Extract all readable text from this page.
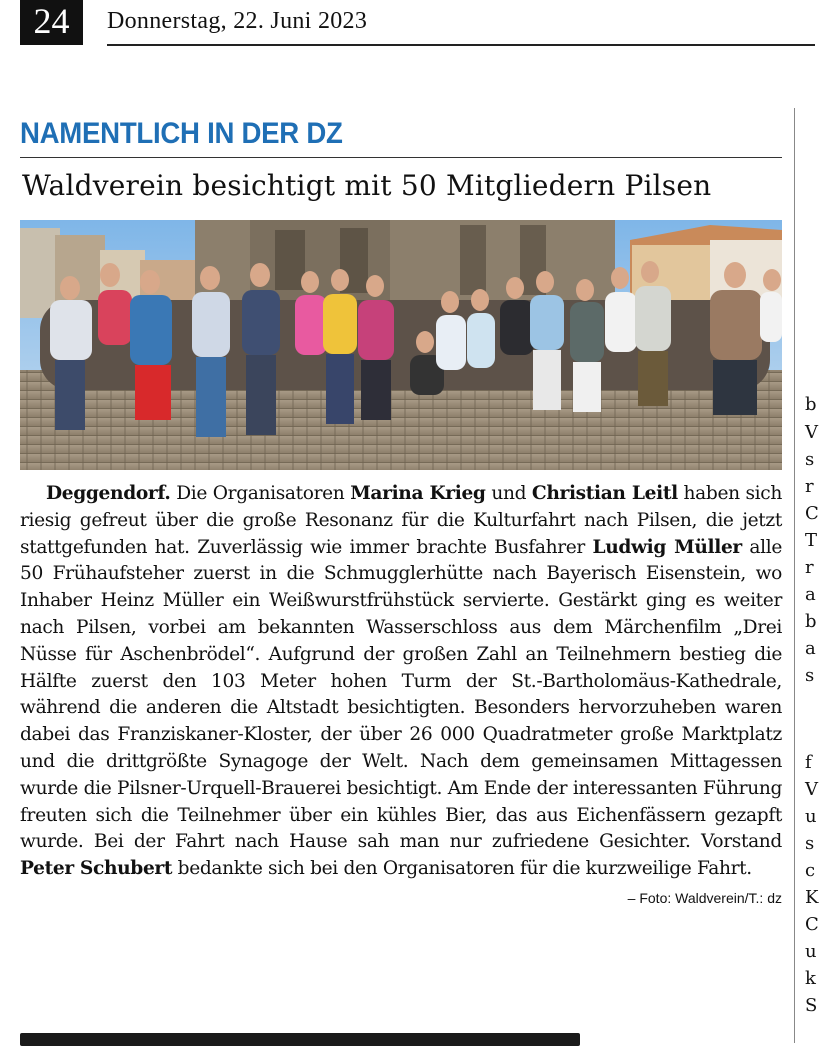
24	Donnerstag, 22. Juni 2023
NAMENTLICH IN DER DZ
Waldverein besichtigt mit 50 Mitgliedern Pilsen

Deggendorf. Die Organisatoren Marina Krieg und Christian Leitl haben sich riesig gefreut über die große Resonanz für die Kulturfahrt nach Pilsen, die jetzt stattgefunden hat. Zuverlässig wie immer brachte Busfahrer Ludwig Müller alle 50 Frühaufsteher zuerst in die Schmugglerhütte nach Bayerisch Eisenstein, wo Inhaber Heinz Müller ein Weißwurstfrühstück servierte. Gestärkt ging es weiter nach Pilsen, vorbei am bekannten Wasserschloss aus dem Märchenfilm „Drei Nüsse für Aschenbrödel“. Aufgrund der großen Zahl an Teilnehmern bestieg die Hälfte zuerst den 103 Meter hohen Turm der St.-Bartholomäus-Kathedrale, während die anderen die Altstadt besichtigten. Besonders hervorzuheben waren dabei das Franziskaner-Kloster, der über 26 000 Quadratmeter große Marktplatz und die drittgrößte Synagoge der Welt. Nach dem gemeinsamen Mittagessen wurde die Pilsner-Urquell-Brauerei besichtigt. Am Ende der interessanten Führung freuten sich die Teilnehmer über ein kühles Bier, das aus Eichenfässern gezapft wurde. Bei der Fahrt nach Hause sah man nur zufriedene Gesichter. Vorstand Peter Schubert bedankte sich bei den Organisatoren für die kurzweilige Fahrt.
– Foto: Waldverein/T.: dz

b
V
s
r
C
T
r
a
b
a
s
f
V
u
s
c
K
C
u
k
S
